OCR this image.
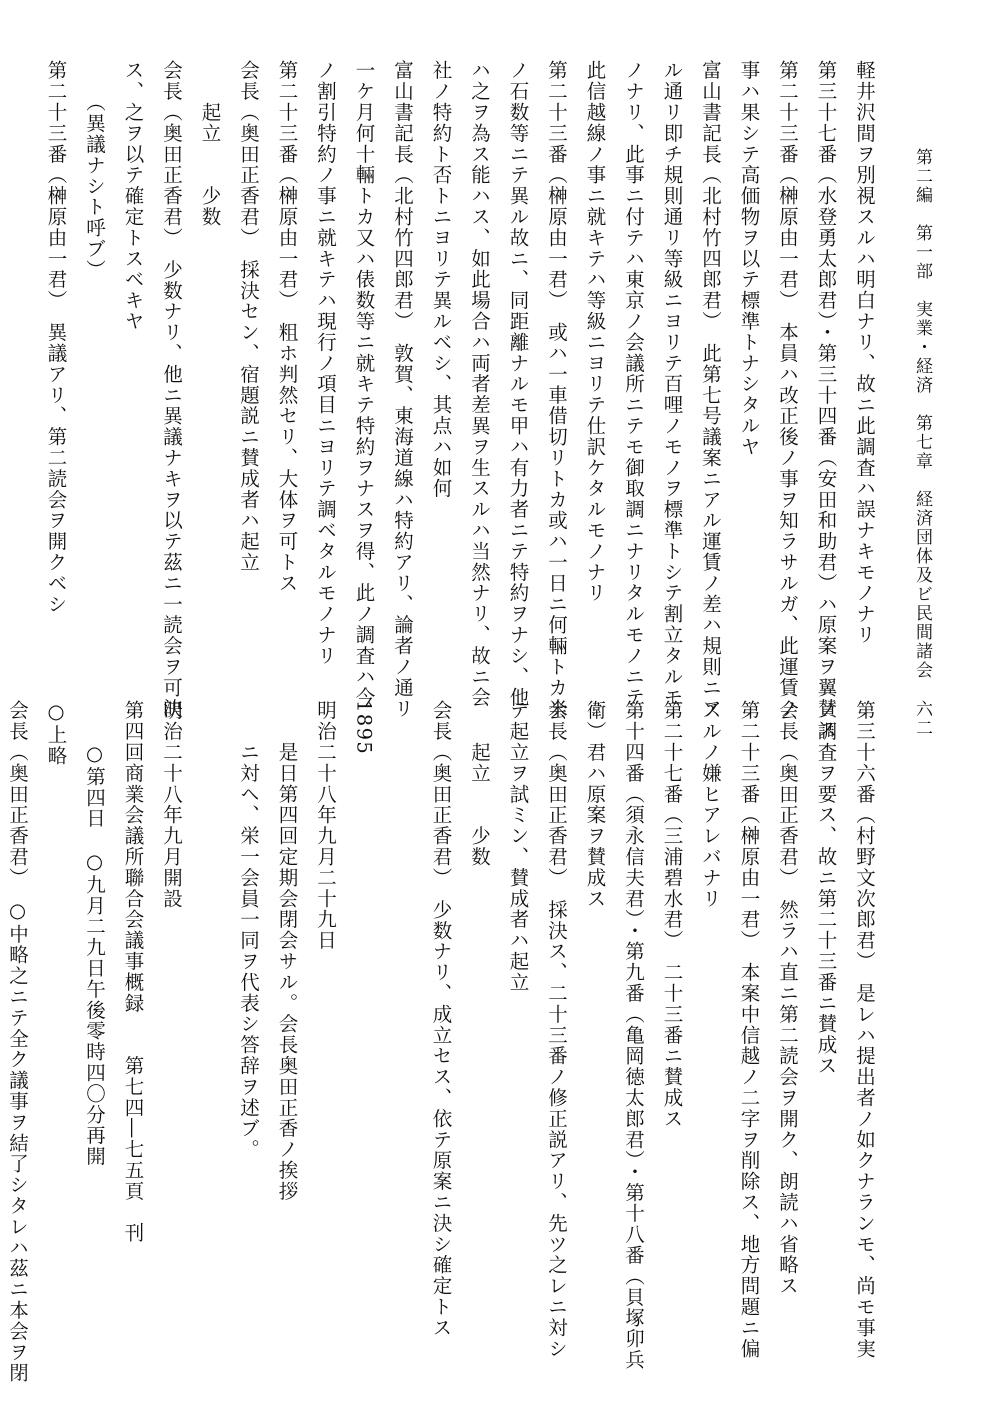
第二編　第一部　実業・経済　第七章　経済団体及ビ民間諸会
六二
軽井沢間ヲ別視スルハ明白ナリ、故ニ此調査ハ誤ナキモノナリ
第三十七番（水登勇太郎君）・第三十四番（安田和助君）ハ原案ヲ翼賛ス
第二十三番（榊原由一君）　本員ハ改正後ノ事ヲ知ラサルガ、此運賃ノ
事ハ果シテ高価物ヲ以テ標準トナシタルヤ
富山書記長（北村竹四郎君）　此第七号議案ニアル運賃ノ差ハ規則ニア
ル通リ即チ規則通リ等級ニヨリテ百哩ノモノヲ標準トシテ割立タルモ
ノナリ、此事ニ付テハ東京ノ会議所ニテモ御取調ニナリタルモノニテ
此信越線ノ事ニ就キテハ等級ニヨリテ仕訳ケタルモノナリ
第二十三番（榊原由一君）　或ハ一車借切リトカ或ハ一日ニ何輛トカ米
ノ石数等ニテ異ル故ニ、同距離ナルモ甲ハ有力者ニテ特約ヲナシ、他
ハ之ヲ為ス能ハス、如此場合ハ両者差異ヲ生スルハ当然ナリ、故ニ会
社ノ特約ト否トニヨリテ異ルベシ、其点ハ如何
富山書記長（北村竹四郎君）　敦賀、東海道線ハ特約アリ、論者ノ通リ
一ケ月何十輛トカ又ハ俵数等ニ就キテ特約ヲナスヲ得、此ノ調査ハ今
ノ割引特約ノ事ニ就キテハ現行ノ項目ニヨリテ調ベタルモノナリ
第二十三番（榊原由一君）　粗ホ判然セリ、大体ヲ可トス
会長（奥田正香君）　採決セン、宿題説ニ賛成者ハ起立
　　起立　　少数
会長（奥田正香君）　少数ナリ、他ニ異議ナキヲ以テ茲ニ一読会ヲ可決
ス、之ヲ以テ確定トスベキヤ
　　（異議ナシト呼ブ）
第二十三番（榊原由一君）　異議アリ、第二読会ヲ開クベシ
第三十六番（村野文次郎君）　是レハ提出者ノ如クナランモ、尚モ事実
ノ調査ヲ要ス、故ニ第二十三番ニ賛成ス
会長（奥田正香君）　然ラハ直ニ第二読会ヲ開ク、朗読ハ省略ス
第二十三番（榊原由一君）　本案中信越ノ二字ヲ削除ス、地方問題ニ偏
スルノ嫌ヒアレバナリ
第二十七番（三浦碧水君）　二十三番ニ賛成ス
第十四番（須永信夫君）・第九番（亀岡徳太郎君）・第十八番（貝塚卯兵
衛）君ハ原案ヲ賛成ス
会長（奥田正香君）　採決ス、二十三番ノ修正説アリ、先ツ之レニ対シ
テ起立ヲ試ミン、賛成者ハ起立
　　起立　　少数
会長（奥田正香君）　少数ナリ、成立セス、依テ原案ニ決シ確定トス

1895
明治二十八年九月二十九日
　　是日第四回定期会閉会サル。会長奥田正香ノ挨拶
　　ニ対ヘ、栄一会員一同ヲ代表シ答辞ヲ述ブ。

明治二十八年九月開設
第四回商業会議所聯合会議事概録　　第七四―七五頁　刊
　　○第四日　○九月二九日午後零時四〇分再開
○上略
会長（奥田正香君）　○中略之ニテ全ク議事ヲ結了シタレハ茲ニ本会ヲ閉
